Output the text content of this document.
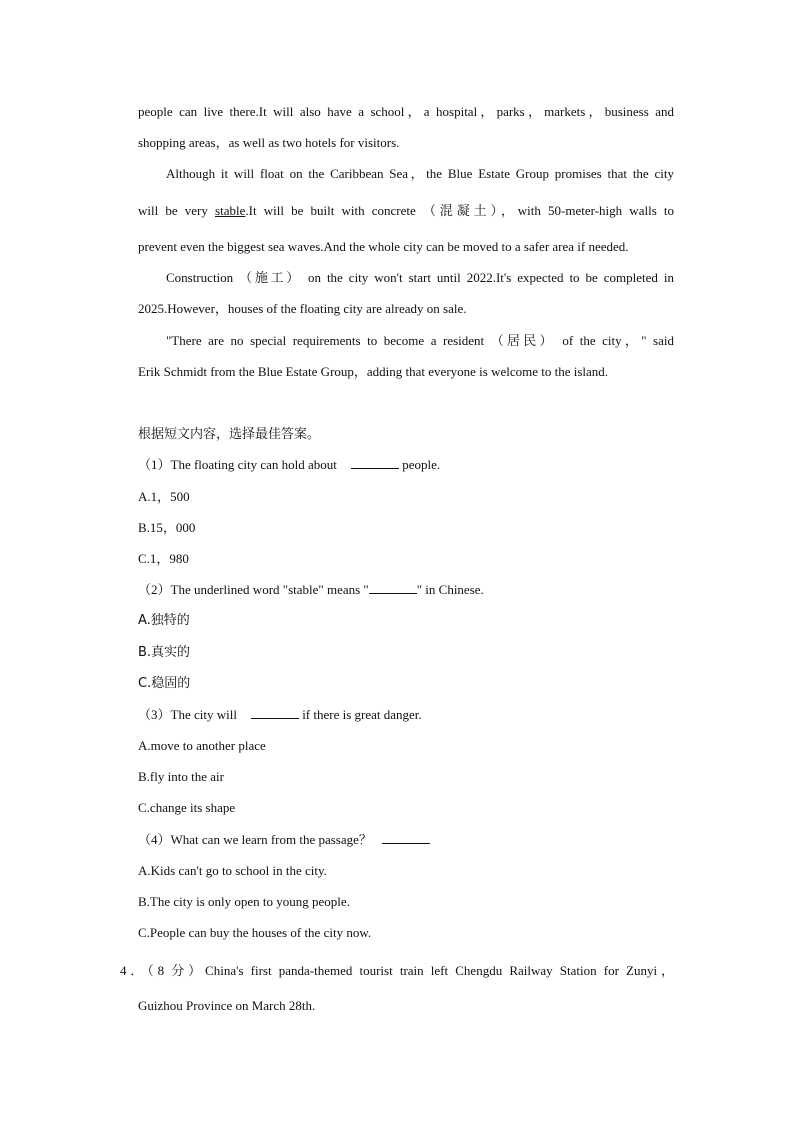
people can live there.It will also have a school，a hospital，parks，markets，business and
shopping areas，as well as two hotels for visitors.
Although it will float on the Caribbean Sea，the Blue Estate Group promises that the city
will be very stable.It will be built with concrete （混凝土），with 50-meter-high walls to
prevent even the biggest sea waves.And the whole city can be moved to a safer area if needed.
Construction （施工） on the city won't start until 2022.It's expected to be completed in
2025.However，houses of the floating city are already on sale.
"There are no special requirements to become a resident （居民） of the city，" said
Erik Schmidt from the Blue Estate Group，adding that everyone is welcome to the island.
根据短文内容，选择最佳答案。
（1）The floating city can hold about	people.
A.1，500
B.15，000
C.1，980
（2）The underlined word "stable" means "	" in Chinese.
A.独特的
B.真实的
C.稳固的
（3）The city will	if there is great danger.
A.move to another place
B.fly into the air
C.change its shape
（4）What can we learn from the passage？
A.Kids can't go to school in the city.
B.The city is only open to young people.
C.People can buy the houses of the city now.
4．（8 分）China's first panda-themed tourist train left Chengdu Railway Station for Zunyi，
Guizhou Province on March 28th.
